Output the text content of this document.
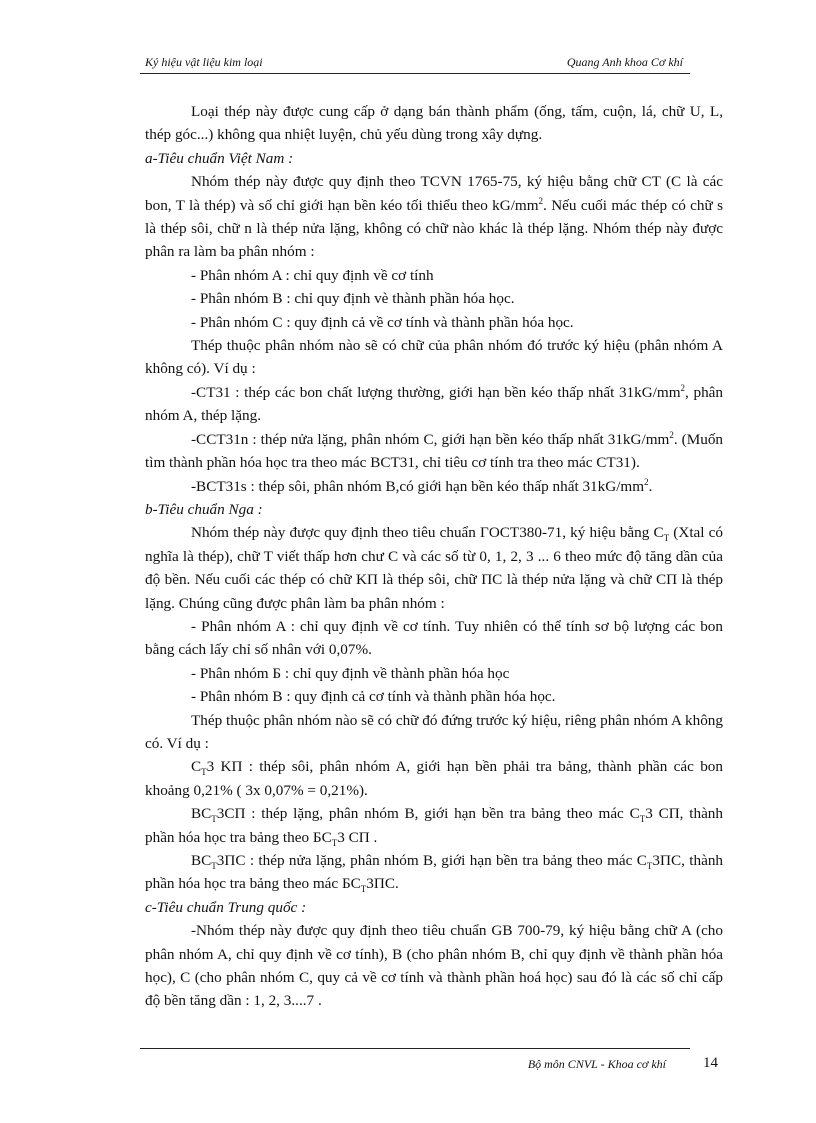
Ký hiệu vật liệu kim loại	Quang Anh khoa Cơ khí

Loại thép này được cung cấp ở dạng bán thành phẩm (ống, tấm, cuộn, lá, chữ U, L, thép góc...) không qua nhiệt luyện, chủ yếu dùng trong xây dựng.

a-Tiêu chuẩn Việt Nam :

Nhóm thép này được quy định theo TCVN 1765-75, ký hiệu bằng chữ CT (C là các bon, T là thép) và số chỉ giới hạn bền kéo tối thiểu theo $kG/mm^2$. Nếu cuối mác thép có chữ s là thép sôi, chữ n là thép nửa lặng, không có chữ nào khác là thép lặng. Nhóm thép này được phân ra làm ba phân nhóm :

- Phân nhóm A : chỉ quy định về cơ tính

- Phân nhóm B : chỉ quy định vè thành phần hóa học.

- Phân nhóm C : quy định cả về cơ tính và thành phần hóa học.

Thép thuộc phân nhóm nào sẽ có chữ của phân nhóm đó trước ký hiệu (phân nhóm A không có). Ví dụ :

-CT31 : thép các bon chất lượng thường, giới hạn bền kéo thấp nhất $31kG/mm^2$, phân nhóm A, thép lặng.

-CCT31n : thép nửa lặng, phân nhóm C, giới hạn bền kéo thấp nhất $31kG/mm^2$. (Muốn tìm thành phần hóa học tra theo mác BCT31, chỉ tiêu cơ tính tra theo mác CT31).

-BCT31s : thép sôi, phân nhóm B,có giới hạn bền kéo thấp nhất $31kG/mm^2$.

b-Tiêu chuẩn Nga :

Nhóm thép này được quy định theo tiêu chuẩn ΓOCT380-71, ký hiệu bằng $C_T$ (Xtal có nghĩa là thép), chữ T viết thấp hơn chư C và các số từ 0, 1, 2, 3 ... 6 theo mức độ tăng dần của độ bền. Nếu cuối các thép có chữ KΠ là thép sôi, chữ ΠC là thép nửa lặng và chữ CΠ là thép lặng. Chúng cũng được phân làm ba phân nhóm :

- Phân nhóm A : chỉ quy định về cơ tính. Tuy nhiên có thể tính sơ bộ lượng các bon bằng cách lấy chỉ số nhân với 0,07%.

- Phân nhóm Б : chỉ quy định về thành phần hóa học

- Phân nhóm B : quy định cả cơ tính và thành phần hóa học.

Thép thuộc phân nhóm nào sẽ có chữ đó đứng trước ký hiệu, riêng phân nhóm A không có. Ví dụ :

$C_T3$ KΠ : thép sôi, phân nhóm A, giới hạn bền phải tra bảng, thành phần các bon khoảng 0,21% ( 3x 0,07% = 0,21%).

$BC_T3C\Pi$ : thép lặng, phân nhóm B, giới hạn bền tra bảng theo mác $C_T3$ CΠ, thành phần hóa học tra bảng theo $БC_T3$ CΠ .

$BC_T3\Pi C$ : thép nửa lặng, phân nhóm B, giới hạn bền tra bảng theo mác $C_T3\Pi C$, thành phần hóa học tra bảng theo mác $БC_T3\Pi C$.

c-Tiêu chuẩn Trung quốc :

-Nhóm thép này được quy định theo tiêu chuẩn GB 700-79, ký hiệu bằng chữ A (cho phân nhóm A, chỉ quy định về cơ tính), B (cho phân nhóm B, chỉ quy định về thành phần hóa học), C (cho phân nhóm C, quy cả về cơ tính và thành phần hoá học) sau đó là các số chỉ cấp độ bền tăng dần : 1, 2, 3....7 .

Bộ môn CNVL - Khoa cơ khí 14
